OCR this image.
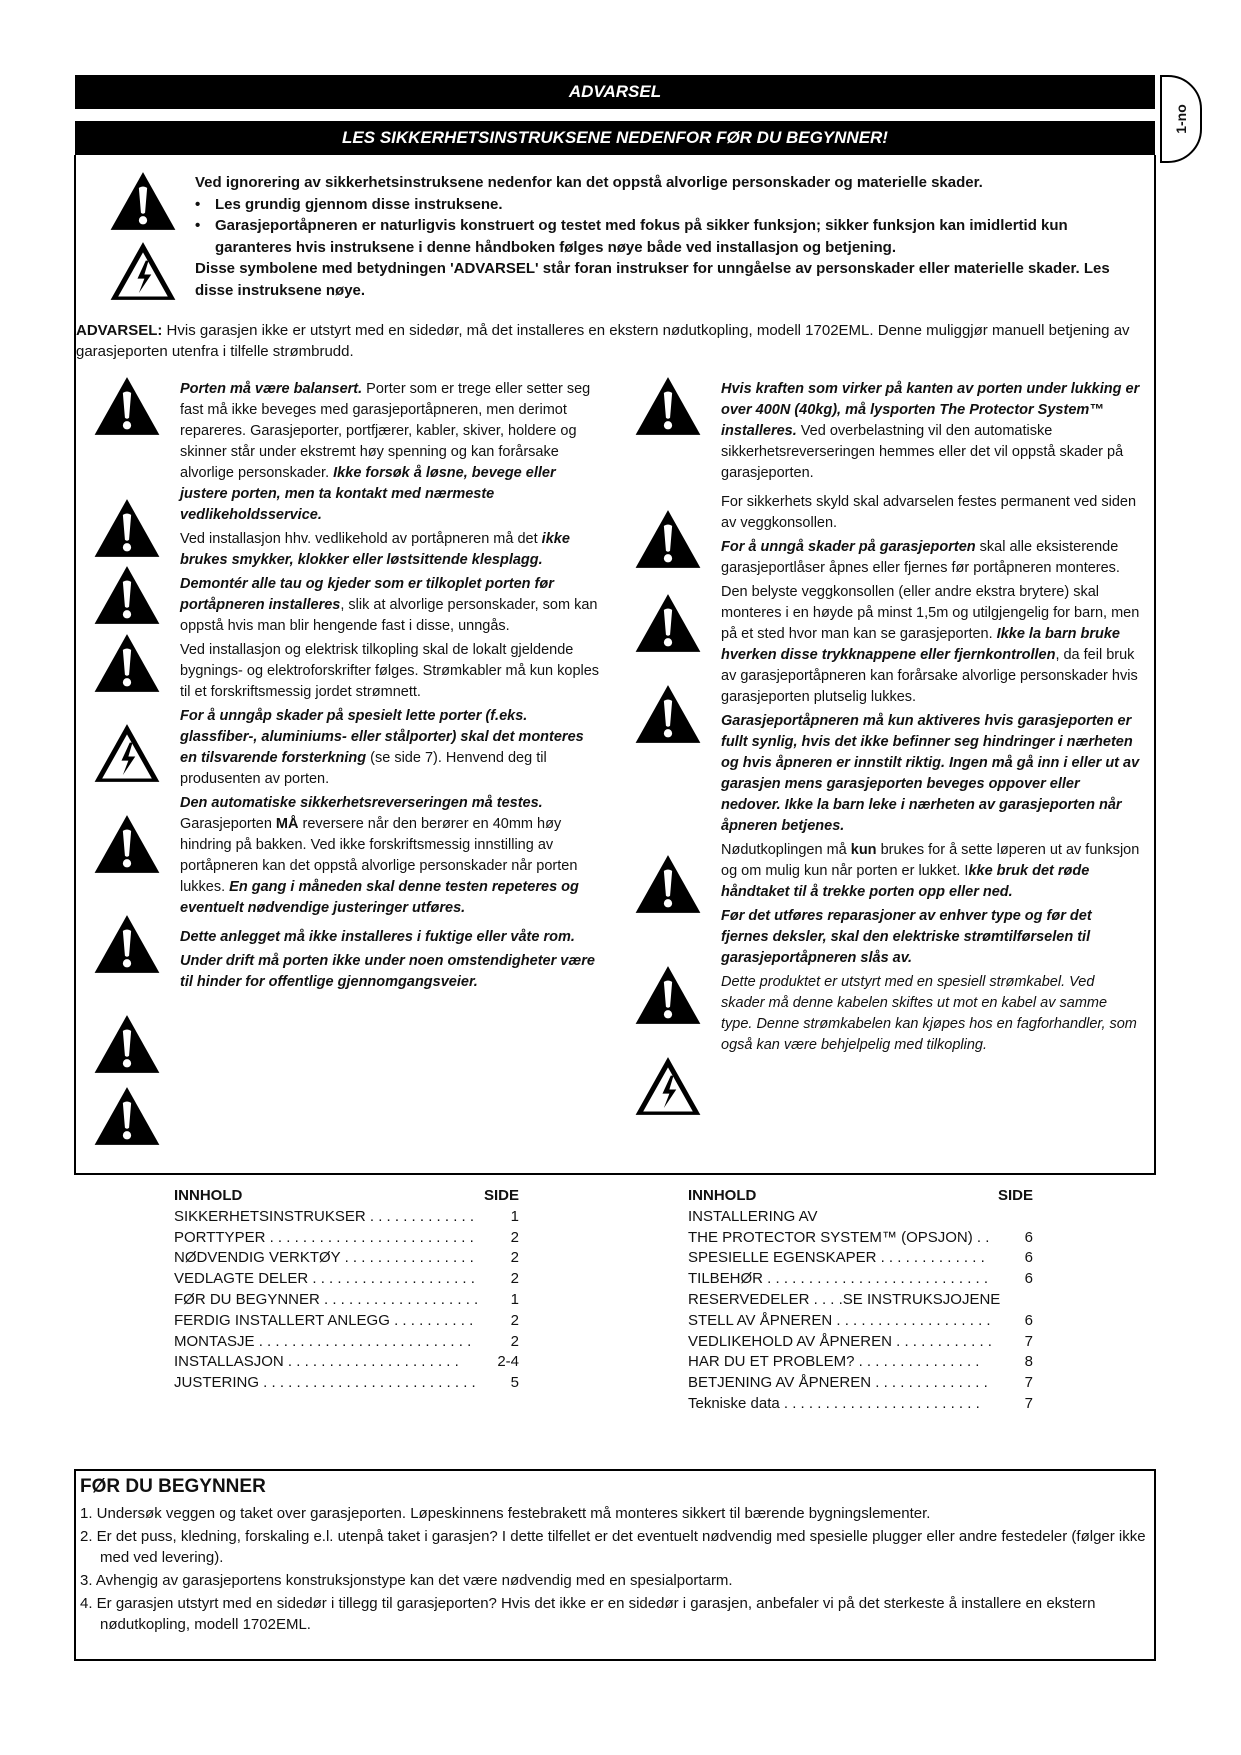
ADVARSEL
LES SIKKERHETSINSTRUKSENE NEDENFOR FØR DU BEGYNNER!
1-no
Ved ignorering av sikkerhetsinstruksene nedenfor kan det oppstå alvorlige personskader og materielle skader.
• Les grundig gjennom disse instruksene.
• Garasjeportåpneren er naturligvis konstruert og testet med fokus på sikker funksjon; sikker funksjon kan imidlertid kun garanteres hvis instruksene i denne håndboken følges nøye både ved installasjon og betjening.
Disse symbolene med betydningen 'ADVARSEL' står foran instrukser for unngåelse av personskader eller materielle skader. Les disse instruksene nøye.
ADVARSEL: Hvis garasjen ikke er utstyrt med en sidedør, må det installeres en ekstern nødutkopling, modell 1702EML. Denne muliggjør manuell betjening av garasjeporten utenfra i tilfelle strømbrudd.

Porten må være balansert. Porter som er trege eller setter seg fast må ikke beveges med garasjeportåpneren, men derimot repareres. Garasjeporter, portfjærer, kabler, skiver, holdere og skinner står under ekstremt høy spenning og kan forårsake alvorlige personskader. Ikke forsøk å løsne, bevege eller justere porten, men ta kontakt med nærmeste vedlikeholdsservice.

Ved installasjon hhv. vedlikehold av portåpneren må det ikke brukes smykker, klokker eller løstsittende klesplagg.

Demontér alle tau og kjeder som er tilkoplet porten før portåpneren installeres, slik at alvorlige personskader, som kan oppstå hvis man blir hengende fast i disse, unngås.

Ved installasjon og elektrisk tilkopling skal de lokalt gjeldende bygnings- og elektroforskrifter følges. Strømkabler må kun koples til et forskriftsmessig jordet strømnett.

For å unngåp skader på spesielt lette porter (f.eks. glassfiber-, aluminiums- eller stålporter) skal det monteres en tilsvarende forsterkning (se side 7). Henvend deg til produsenten av porten.

Den automatiske sikkerhetsreverseringen må testes. Garasjeporten MÅ reversere når den berører en 40mm høy hindring på bakken. Ved ikke forskriftsmessig innstilling av portåpneren kan det oppstå alvorlige personskader når porten lukkes. En gang i måneden skal denne testen repeteres og eventuelt nødvendige justeringer utføres.

Dette anlegget må ikke installeres i fuktige eller våte rom.

Under drift må porten ikke under noen omstendigheter være til hinder for offentlige gjennomgangsveier.

Hvis kraften som virker på kanten av porten under lukking er over 400N (40kg), må lysporten The Protector System™ installeres. Ved overbelastning vil den automatiske sikkerhetsreverseringen hemmes eller det vil oppstå skader på garasjeporten.

For sikkerhets skyld skal advarselen festes permanent ved siden av veggkonsollen.

For å unngå skader på garasjeporten skal alle eksisterende garasjeportlåser åpnes eller fjernes før portåpneren monteres.

Den belyste veggkonsollen (eller andre ekstra brytere) skal monteres i en høyde på minst 1,5m og utilgjengelig for barn, men på et sted hvor man kan se garasjeporten. Ikke la barn bruke hverken disse trykknappene eller fjernkontrollen, da feil bruk av garasjeportåpneren kan forårsake alvorlige personskader hvis garasjeporten plutselig lukkes.

Garasjeportåpneren må kun aktiveres hvis garasjeporten er fullt synlig, hvis det ikke befinner seg hindringer i nærheten og hvis åpneren er innstilt riktig. Ingen må gå inn i eller ut av garasjen mens garasjeporten beveges oppover eller nedover. Ikke la barn leke i nærheten av garasjeporten når åpneren betjenes.

Nødutkoplingen må kun brukes for å sette løperen ut av funksjon og om mulig kun når porten er lukket. Ikke bruk det røde håndtaket til å trekke porten opp eller ned.

Før det utføres reparasjoner av enhver type og før det fjernes deksler, skal den elektriske strømtilførselen til garasjeportåpneren slås av.

Dette produktet er utstyrt med en spesiell strømkabel. Ved skader må denne kabelen skiftes ut mot en kabel av samme type. Denne strømkabelen kan kjøpes hos en fagforhandler, som også kan være behjelpelig med tilkopling.

INNHOLD	SIDE
SIKKERHETSINSTRUKSER . . . . . . . . . . . . . 1
PORTTYPER . . . . . . . . . . . . . . . . . . . . . . . . . 2
NØDVENDIG VERKTØY . . . . . . . . . . . . . . . . 2
VEDLAGTE DELER . . . . . . . . . . . . . . . . . . . . 2
FØR DU BEGYNNER . . . . . . . . . . . . . . . . . . . 1
FERDIG INSTALLERT ANLEGG . . . . . . . . . . 2
MONTASJE . . . . . . . . . . . . . . . . . . . . . . . . . .	2
INSTALLASJON . . . . . . . . . . . . . . . . . . . . .	2-4
JUSTERING . . . . . . . . . . . . . . . . . . . . . . . . . . 5
INNHOLD	SIDE
INSTALLERING AV
THE PROTECTOR SYSTEM™ (OPSJON) . . 6
SPESIELLE EGENSKAPER . . . . . . . . . . . . .	6
TILBEHØR . . . . . . . . . . . . . . . . . . . . . . . . . . . 6
RESERVEDELER . . . .SE INSTRUKSJOJENE
STELL AV ÅPNEREN . . . . . . . . . . . . . . . . . . . 6
VEDLIKEHOLD AV ÅPNEREN . . . . . . . . . . . . 7
HAR DU ET PROBLEM? . . . . . . . . . . . . . . .	8
BETJENING AV ÅPNEREN . . . . . . . . . . . . . . 7
Tekniske data . . . . . . . . . . . . . . . . . . . . . . . .	7
FØR DU BEGYNNER
1. Undersøk veggen og taket over garasjeporten. Løpeskinnens festebrakett må monteres sikkert til bærende bygningslementer.
2. Er det puss, kledning, forskaling e.l. utenpå taket i garasjen? I dette tilfellet er det eventuelt nødvendig med spesielle plugger eller andre festedeler (følger ikke med ved levering).
3. Avhengig av garasjeportens konstruksjonstype kan det være nødvendig med en spesialportarm.
4. Er garasjen utstyrt med en sidedør i tillegg til garasjeporten? Hvis det ikke er en sidedør i garasjen, anbefaler vi på det sterkeste å installere en ekstern nødutkopling, modell 1702EML.
